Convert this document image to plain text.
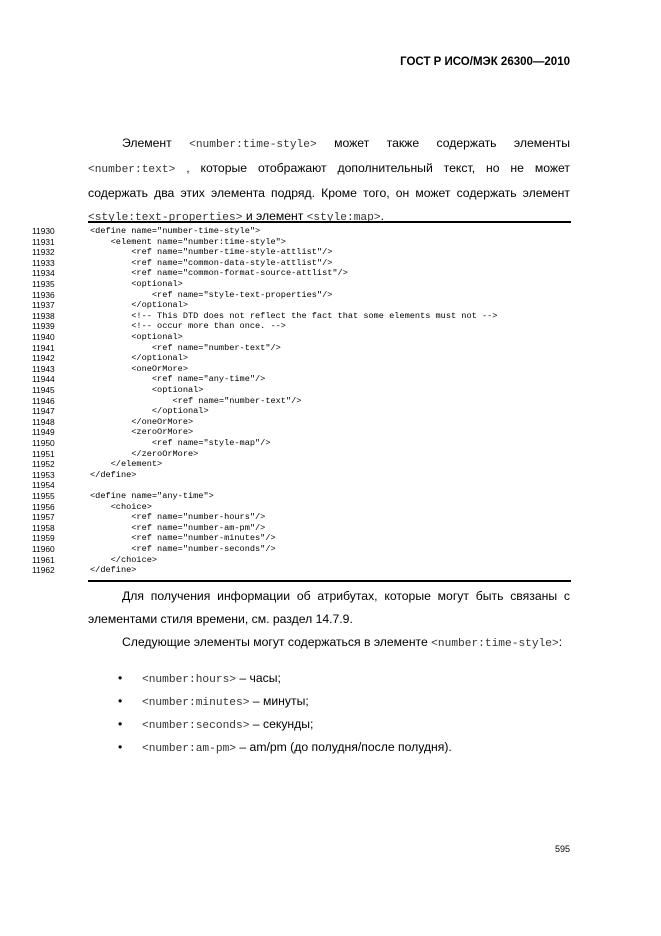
ГОСТ Р ИСО/МЭК 26300—2010
Элемент <number:time-style> может также содержать элементы <number:text> , которые отображают дополнительный текст, но не может содержать два этих элемента подряд. Кроме того, он может содержать элемент <style:text-properties> и элемент <style:map>.
11930	<define name="number-time-style">
11931	<element name="number:time-style">
11932	<ref name="number-time-style-attlist"/>
11933	<ref name="common-data-style-attlist"/>
11934	<ref name="common-format-source-attlist"/>
11935	<optional>
11936	<ref name="style-text-properties"/>
11937	</optional>
11938	<!-- This DTD does not reflect the fact that some elements must not -->
11939	<!-- occur more than once. -->
11940	<optional>
11941	<ref name="number-text"/>
11942	</optional>
11943	<oneOrMore>
11944	<ref name="any-time"/>
11945	<optional>
11946	<ref name="number-text"/>
11947	</optional>
11948	</oneOrMore>
11949	<zeroOrMore>
11950	<ref name="style-map"/>
11951	</zeroOrMore>
11952	</element>
11953	</define>
11954
11955	<define name="any-time">
11956	<choice>
11957	<ref name="number-hours"/>
11958	<ref name="number-am-pm"/>
11959	<ref name="number-minutes"/>
11960	<ref name="number-seconds"/>
11961	</choice>
11962	</define>
Для получения информации об атрибутах, которые могут быть связаны с элементами стиля времени, см. раздел 14.7.9.
Следующие элементы могут содержаться в элементе <number:time-style>:
• <number:hours> – часы;
• <number:minutes> – минуты;
• <number:seconds> – секунды;
• <number:am-pm> – am/pm (до полудня/после полудня).
595
